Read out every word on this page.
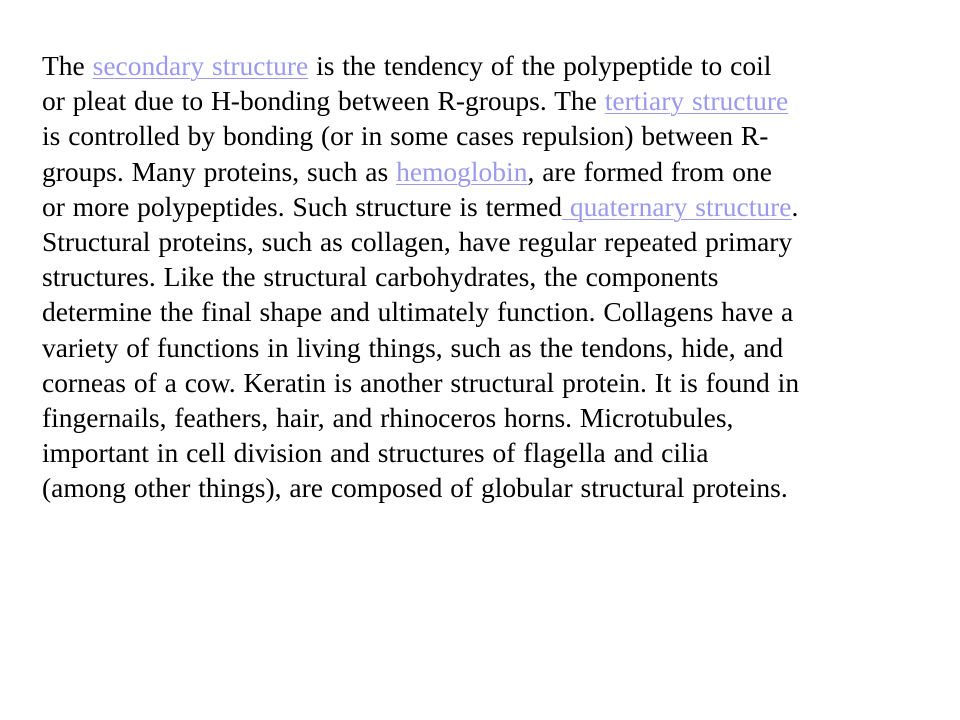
The secondary structure is the tendency of the polypeptide to coil
or pleat due to H-bonding between R-groups. The tertiary structure
is controlled by bonding (or in some cases repulsion) between R-
groups. Many proteins, such as hemoglobin, are formed from one
or more polypeptides. Such structure is termed quaternary structure.
Structural proteins, such as collagen, have regular repeated primary
structures. Like the structural carbohydrates, the components
determine the final shape and ultimately function. Collagens have a
variety of functions in living things, such as the tendons, hide, and
corneas of a cow. Keratin is another structural protein. It is found in
fingernails, feathers, hair, and rhinoceros horns. Microtubules,
important in cell division and structures of flagella and cilia
(among other things), are composed of globular structural proteins.
